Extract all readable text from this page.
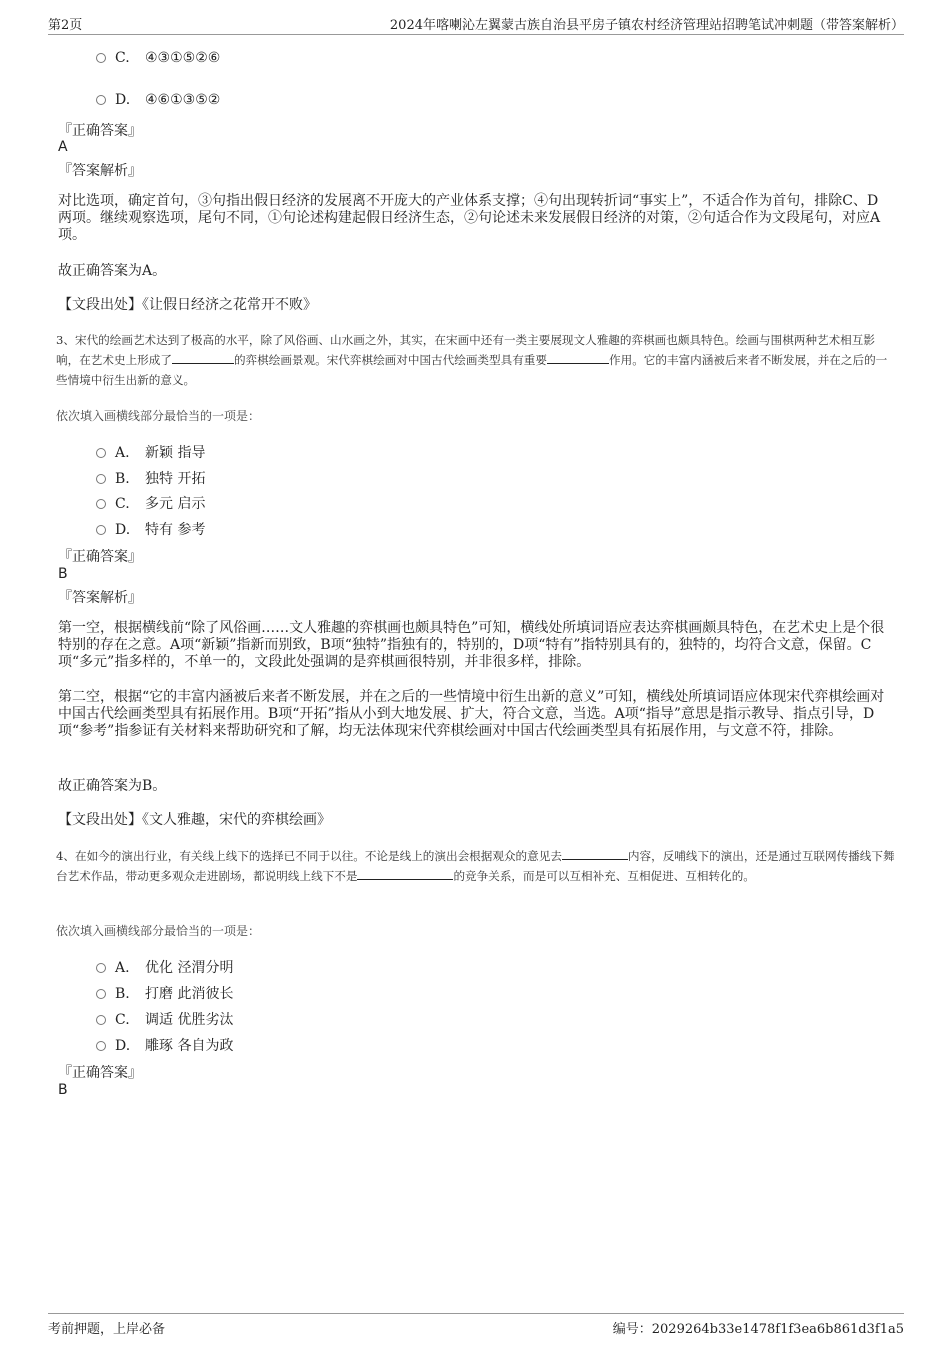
第2页	2024年喀喇沁左翼蒙古族自治县平房子镇农村经济管理站招聘笔试冲刺题（带答案解析）
C. ④③①⑤②⑥
D. ④⑥①③⑤②
『正确答案』
A
『答案解析』
对比选项，确定首句，③句指出假日经济的发展离不开庞大的产业体系支撑；④句出现转折词“事实上”，不适合作为首句，排除C、D两项。继续观察选项，尾句不同，①句论述构建起假日经济生态，②句论述未来发展假日经济的对策，②句适合作为文段尾句，对应A项。
故正确答案为A。
【文段出处】《让假日经济之花常开不败》
3、宋代的绘画艺术达到了极高的水平，除了风俗画、山水画之外，其实，在宋画中还有一类主要展现文人雅趣的弈棋画也颇具特色。绘画与围棋两种艺术相互影响，在艺术史上形成了	的弈棋绘画景观。宋代弈棋绘画对中国古代绘画类型具有重要	作用。它的丰富内涵被后来者不断发展，并在之后的一些情境中衍生出新的意义。
依次填入画横线部分最恰当的一项是：
A. 新颖 指导
B. 独特 开拓
C. 多元 启示
D. 特有 参考
『正确答案』
B
『答案解析』
第一空，根据横线前“除了风俗画……文人雅趣的弈棋画也颇具特色”可知，横线处所填词语应表达弈棋画颇具特色，在艺术史上是个很特别的存在之意。A项“新颖”指新而别致，B项“独特”指独有的，特别的，D项“特有”指特别具有的，独特的，均符合文意，保留。C项“多元”指多样的，不单一的，文段此处强调的是弈棋画很特别，并非很多样，排除。
第二空，根据“它的丰富内涵被后来者不断发展，并在之后的一些情境中衍生出新的意义”可知，横线处所填词语应体现宋代弈棋绘画对中国古代绘画类型具有拓展作用。B项“开拓”指从小到大地发展、扩大，符合文意，当选。A项“指导”意思是指示教导、指点引导，D项“参考”指参证有关材料来帮助研究和了解，均无法体现宋代弈棋绘画对中国古代绘画类型具有拓展作用，与文意不符，排除。
故正确答案为B。
【文段出处】《文人雅趣，宋代的弈棋绘画》
4、在如今的演出行业，有关线上线下的选择已不同于以往。不论是线上的演出会根据观众的意见去	内容，反哺线下的演出，还是通过互联网传播线下舞台艺术作品，带动更多观众走进剧场，都说明线上线下不是	的竞争关系，而是可以互相补充、互相促进、互相转化的。
依次填入画横线部分最恰当的一项是：
A. 优化 泾渭分明
B. 打磨 此消彼长
C. 调适 优胜劣汰
D. 雕琢 各自为政
『正确答案』
B
考前押题，上岸必备	编号：2029264b33e1478f1f3ea6b861d3f1a5
